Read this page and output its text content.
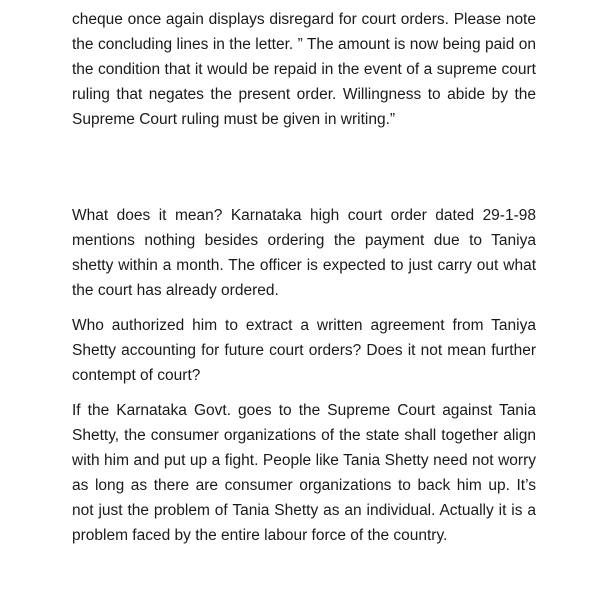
cheque once again displays disregard for court orders. Please note the concluding lines in the letter. ” The amount is now being paid on the condition that it would be repaid in the event of a supreme court ruling that negates the present order. Willingness to abide by the Supreme Court ruling must be given in writing.”

What does it mean? Karnataka high court order dated 29-1-98 mentions nothing besides ordering the payment due to Taniya shetty within a month. The officer is expected to just carry out what the court has already ordered.

Who authorized him to extract a written agreement from Taniya Shetty accounting for future court orders? Does it not mean further contempt of court?

If the Karnataka Govt. goes to the Supreme Court against Tania Shetty, the consumer organizations of the state shall together align with him and put up a fight. People like Tania Shetty need not worry as long as there are consumer organizations to back him up. It’s not just the problem of Tania Shetty as an individual. Actually it is a problem faced by the entire labour force of the country.
